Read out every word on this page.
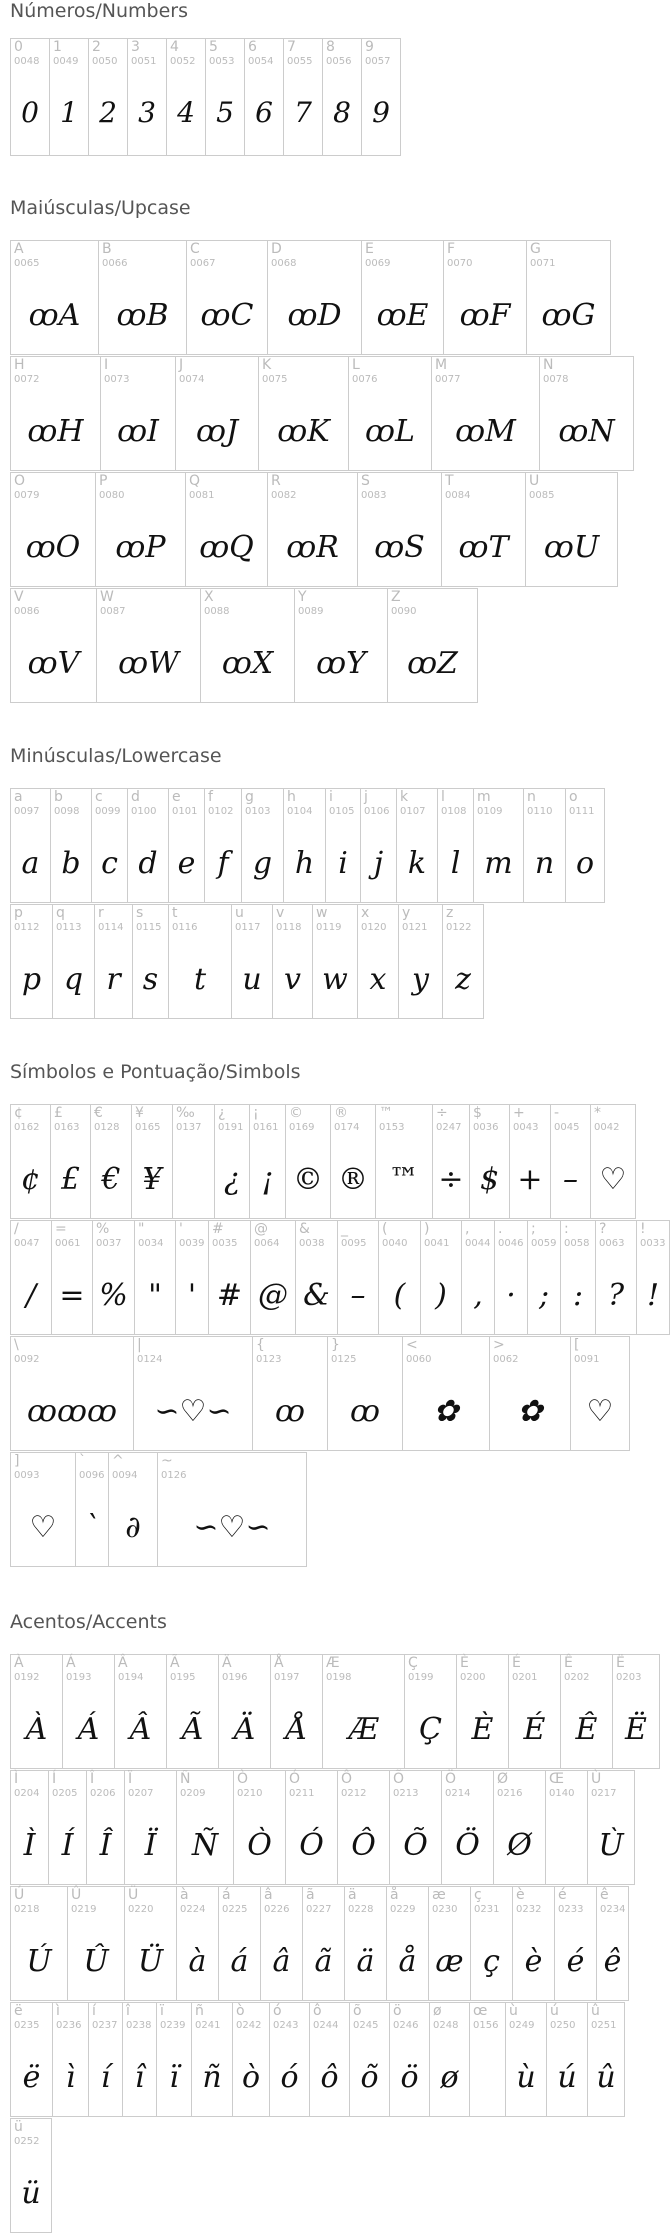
Números/Numbers
0
0048
0
1
0049
1
2
0050
2
3
0051
3
4
0052
4
5
0053
5
6
0054
6
7
0055
7
8
0056
8
9
0057
9
Maiúsculas/Upcase
A
0065
ꝏA
B
0066
ꝏB
C
0067
ꝏC
D
0068
ꝏD
E
0069
ꝏE
F
0070
ꝏF
G
0071
ꝏG
H
0072
ꝏH
I
0073
ꝏI
J
0074
ꝏJ
K
0075
ꝏK
L
0076
ꝏL
M
0077
ꝏM
N
0078
ꝏN
O
0079
ꝏO
P
0080
ꝏP
Q
0081
ꝏQ
R
0082
ꝏR
S
0083
ꝏS
T
0084
ꝏT
U
0085
ꝏU
V
0086
ꝏV
W
0087
ꝏW
X
0088
ꝏX
Y
0089
ꝏY
Z
0090
ꝏZ
Minúsculas/Lowercase
a
0097
a
b
0098
b
c
0099
c
d
0100
d
e
0101
e
f
0102
f
g
0103
g
h
0104
h
i
0105
i
j
0106
j
k
0107
k
l
0108
l
m
0109
m
n
0110
n
o
0111
o
p
0112
p
q
0113
q
r
0114
r
s
0115
s
t
0116
t
u
0117
u
v
0118
v
w
0119
w
x
0120
x
y
0121
y
z
0122
z
Símbolos e Pontuação/Simbols
¢
0162
¢
£
0163
£
€
0128
€
¥
0165
¥
‰
0137
¿
0191
¿
¡
0161
¡
©
0169
©
®
0174
®
™
0153
™
÷
0247
÷
$
0036
$
+
0043
+
-
0045
–
*
0042
♡
/
0047
/
=
0061
=
%
0037
%
"
0034
"
'
0039
'
#
0035
#
@
0064
@
&
0038
&
_
0095
–
(
0040
(
)
0041
)
,
0044
,
.
0046
·
;
0059
;
:
0058
:
?
0063
?
!
0033
!
\
0092
ꝏꝏꝏ
|
0124
∽♡∽
{
0123
ꝏ
}
0125
ꝏ
<
0060
✿
>
0062
✿
[
0091
♡
]
0093
♡
`
0096
`
^
0094
∂
~
0126
∽♡∽
Acentos/Accents
À
0192
À
Á
0193
Á
Â
0194
Â
Ã
0195
Ã
Ä
0196
Ä
Å
0197
Å
Æ
0198
Æ
Ç
0199
Ç
È
0200
È
É
0201
É
Ê
0202
Ê
Ë
0203
Ë
Ì
0204
Ì
Í
0205
Í
Î
0206
Î
Ï
0207
Ï
Ñ
0209
Ñ
Ò
0210
Ò
Ó
0211
Ó
Ô
0212
Ô
Õ
0213
Õ
Ö
0214
Ö
Ø
0216
Ø
Œ
0140
Ù
0217
Ù
Ú
0218
Ú
Û
0219
Û
Ü
0220
Ü
à
0224
à
á
0225
á
â
0226
â
ã
0227
ã
ä
0228
ä
å
0229
å
æ
0230
æ
ç
0231
ç
è
0232
è
é
0233
é
ê
0234
ê
ë
0235
ë
ì
0236
ì
í
0237
í
î
0238
î
ï
0239
ï
ñ
0241
ñ
ò
0242
ò
ó
0243
ó
ô
0244
ô
õ
0245
õ
ö
0246
ö
ø
0248
ø
œ
0156
ù
0249
ù
ú
0250
ú
û
0251
û
ü
0252
ü
